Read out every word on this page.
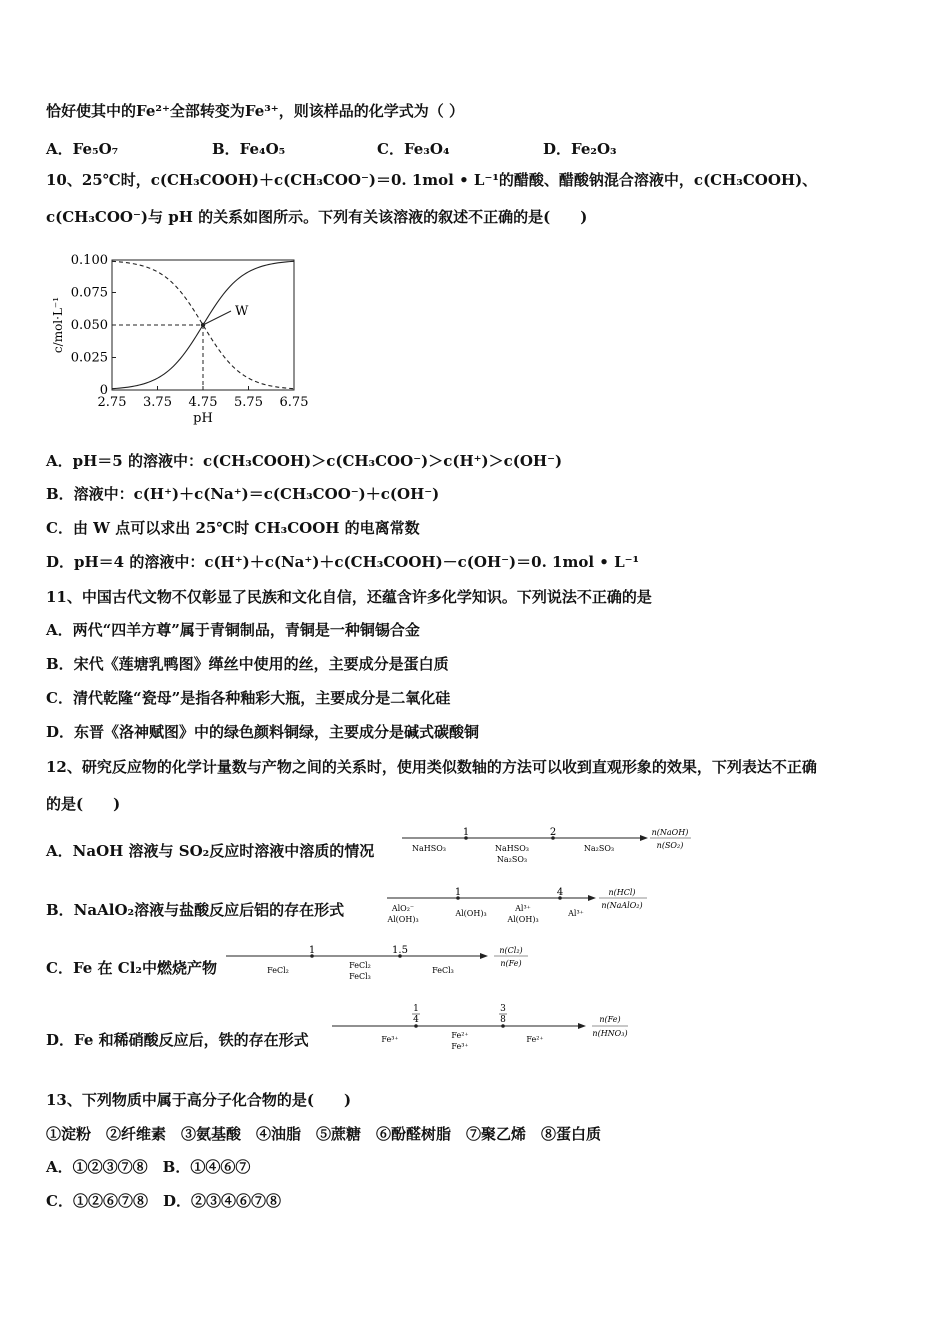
恰好使其中的Fe²⁺全部转变为Fe³⁺，则该样品的化学式为（ ）
A．Fe₅O₇	B．Fe₄O₅	C．Fe₃O₄	D．Fe₂O₃
10、25℃时，c(CH₃COOH)＋c(CH₃COO⁻)＝0. 1mol • L⁻¹的醋酸、醋酸钠混合溶液中，c(CH₃COOH)、
c(CH₃COO⁻)与 pH 的关系如图所示。下列有关该溶液的叙述不正确的是(　　)
0
0.025
0.050
0.075
0.100
2.75 3.75 4.75 5.75 6.75
pH
c/mol·L⁻¹	W
A．pH＝5 的溶液中：c(CH₃COOH)＞c(CH₃COO⁻)＞c(H⁺)＞c(OH⁻)
B．溶液中：c(H⁺)＋c(Na⁺)＝c(CH₃COO⁻)＋c(OH⁻)
C．由 W 点可以求出 25℃时 CH₃COOH 的电离常数
D．pH＝4 的溶液中：c(H⁺)＋c(Na⁺)＋c(CH₃COOH)－c(OH⁻)＝0. 1mol • L⁻¹
11、中国古代文物不仅彰显了民族和文化自信，还蕴含许多化学知识。下列说法不正确的是
A．两代“四羊方尊”属于青铜制品，青铜是一种铜锡合金
B．宋代《莲塘乳鸭图》缂丝中使用的丝，主要成分是蛋白质
C．清代乾隆“瓷母”是指各种釉彩大瓶，主要成分是二氧化硅
D．东晋《洛神赋图》中的绿色颜料铜绿，主要成分是碱式碳酸铜
12、研究反应物的化学计量数与产物之间的关系时，使用类似数轴的方法可以收到直观形象的效果，下列表达不正确
的是(　　)
A．NaOH 溶液与 SO₂反应时溶液中溶质的情况
1	2
NaHSO₃	NaHSO₃
Na₂SO₃
Na₂SO₃
n(NaOH)
n(SO₂)
B．NaAlO₂溶液与盐酸反应后铝的存在形式
1	4
AlO₂⁻
Al(OH)₃
Al(OH)₃
Al³⁺
Al(OH)₃
Al³⁺
n(HCl)
n(NaAlO₂)
C．Fe 在 Cl₂中燃烧产物
1	1.5
FeCl₂
FeCl₂
FeCl₃
FeCl₃
n(Cl₂)
n(Fe)
D．Fe 和稀硝酸反应后，铁的存在形式
1
4
3
8
Fe³⁺	Fe²⁺
Fe³⁺
Fe²⁺
n(Fe)
n(HNO₃)
13、下列物质中属于高分子化合物的是(　　)
①淀粉　②纤维素　③氨基酸　④油脂　⑤蔗糖　⑥酚醛树脂　⑦聚乙烯　⑧蛋白质
A．①②③⑦⑧　B．①④⑥⑦
C．①②⑥⑦⑧　D．②③④⑥⑦⑧
